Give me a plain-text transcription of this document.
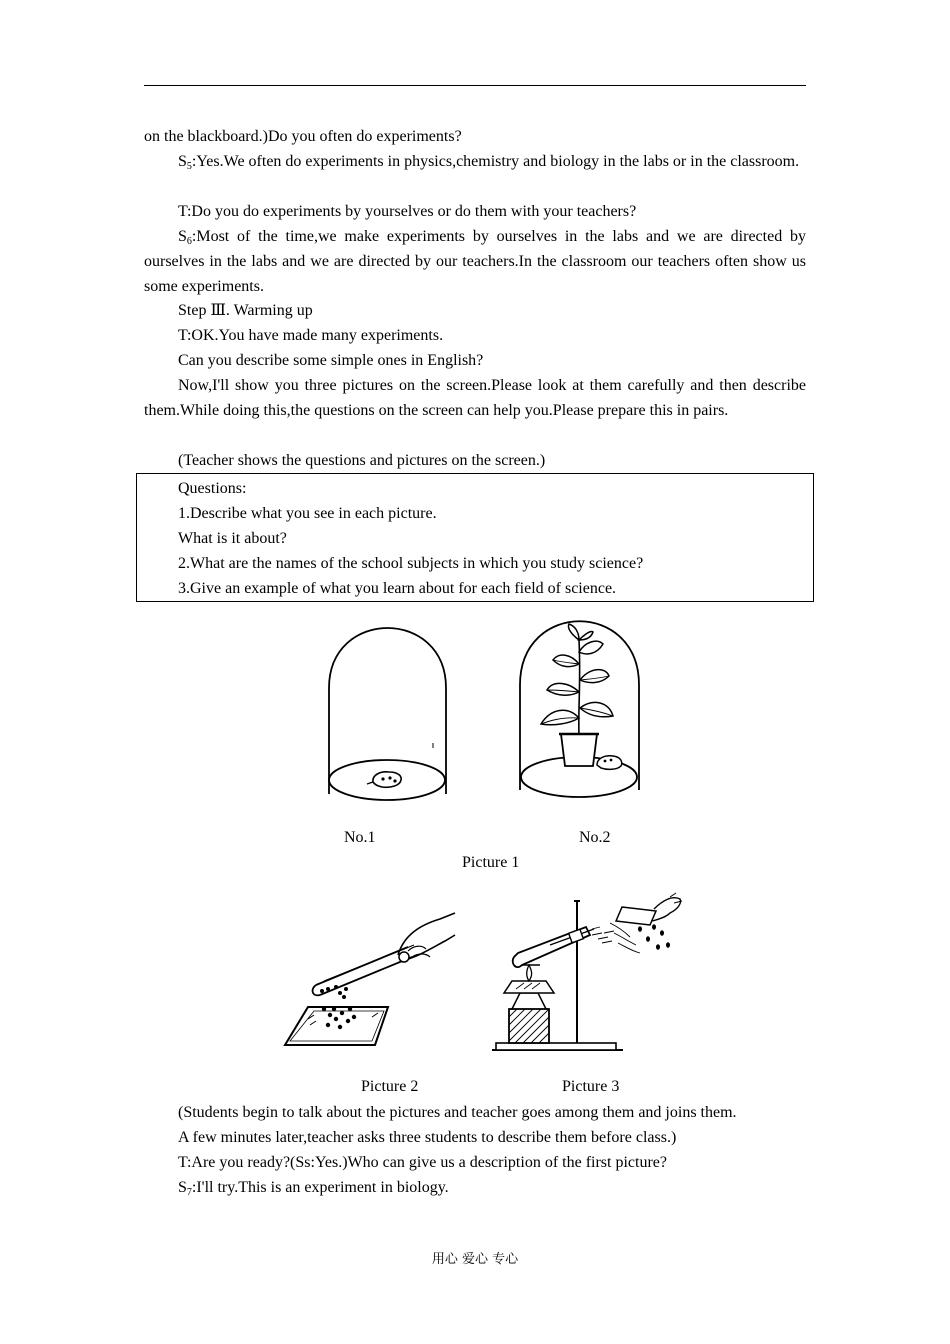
on the blackboard.)Do you often do experiments?

$S_5:Yes.We$ often do experiments in physics,chemistry and biology in the labs or in the classroom.

T:Do you do experiments by yourselves or do them with your teachers?

$S_6:Most$ of the time,we make experiments by ourselves in the labs and we are directed by ourselves in the labs and we are directed by our teachers.In the classroom our teachers often show us some experiments.

Step Ⅲ. Warming up

T:OK.You have made many experiments.

Can you describe some simple ones in English?

Now,I'll show you three pictures on the screen.Please look at them carefully and then describe them.While doing this,the questions on the screen can help you.Please prepare this in pairs.

(Teacher shows the questions and pictures on the screen.)

Questions:

1.Describe what you see in each picture.

What is it about?

2.What are the names of the school subjects in which you study science?

3.Give an example of what you learn about for each field of science.

No.1	No.2
Picture 1
Picture 2	Picture 3

(Students begin to talk about the pictures and teacher goes among them and joins them.

A few minutes later,teacher asks three students to describe them before class.)

T:Are you ready?(Ss:Yes.)Who can give us a description of the first picture?

$S_7:I'll$ try.This is an experiment in biology.

用心 爱心 专心
